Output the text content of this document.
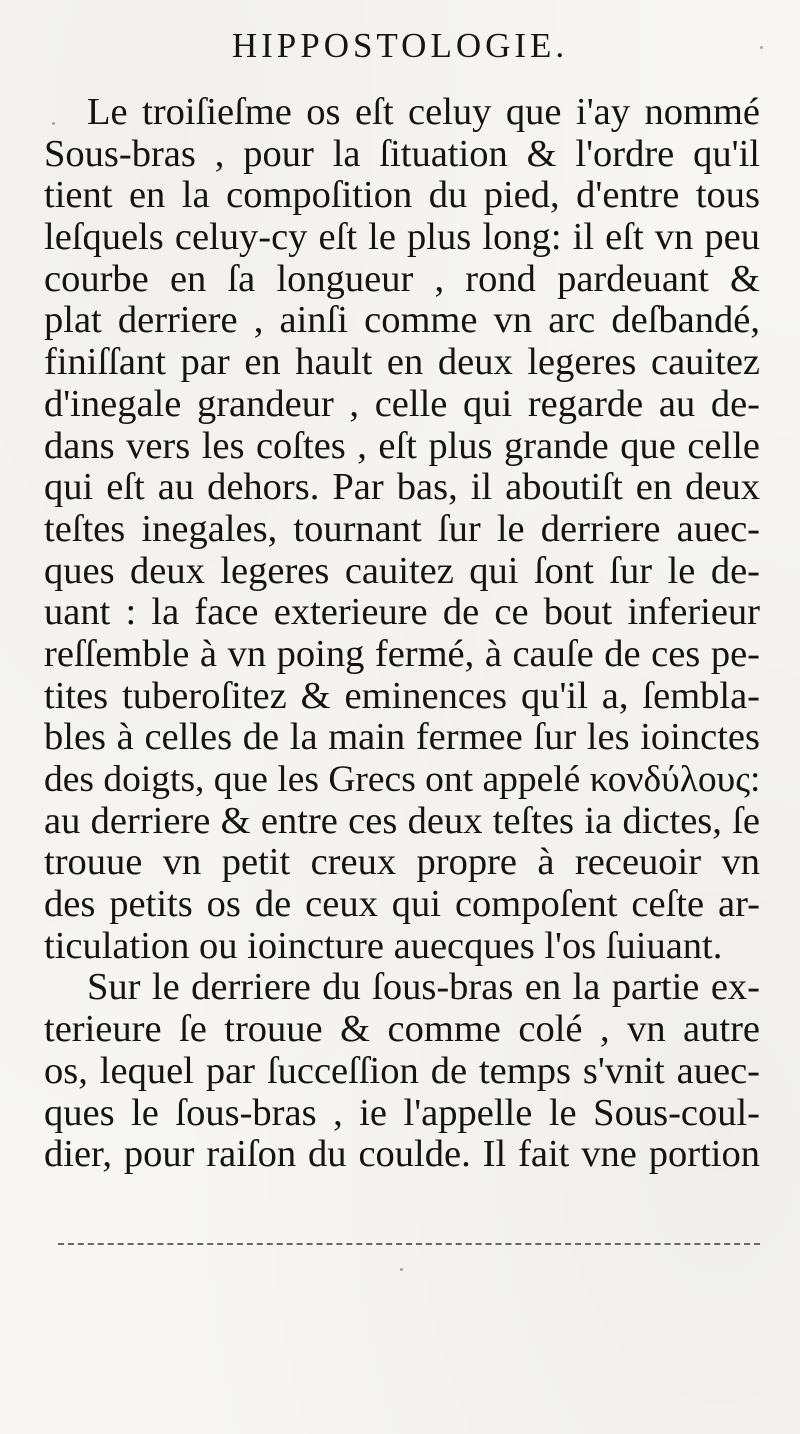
HIPPOSTOLOGIE.
Le troiſieſme os eſt celuy que i'ay nommé
Sous-bras , pour la ſituation & l'ordre qu'il
tient en la compoſition du pied, d'entre tous
leſquels celuy-cy eſt le plus long: il eſt vn peu
courbe en ſa longueur , rond pardeuant &
plat derriere , ainſi comme vn arc deſbandé,
finiſſant par en hault en deux legeres cauitez
d'inegale grandeur , celle qui regarde au de-
dans vers les coſtes , eſt plus grande que celle
qui eſt au dehors. Par bas, il aboutiſt en deux
teſtes inegales, tournant ſur le derriere auec-
ques deux legeres cauitez qui ſont ſur le de-
uant : la face exterieure de ce bout inferieur
reſſemble à vn poing fermé, à cauſe de ces pe-
tites tuberoſitez & eminences qu'il a, ſembla-
bles à celles de la main fermee ſur les ioinctes
des doigts, que les Grecs ont appelé κονδύλους:
au derriere & entre ces deux teſtes ia dictes, ſe
trouue vn petit creux propre à receuoir vn
des petits os de ceux qui compoſent ceſte ar-
ticulation ou ioincture auecques l'os ſuiuant.
Sur le derriere du ſous-bras en la partie ex-
terieure ſe trouue & comme colé , vn autre
os, lequel par ſucceſſion de temps s'vnit auec-
ques le ſous-bras , ie l'appelle le Sous-coul-
dier, pour raiſon du coulde. Il fait vne portion
